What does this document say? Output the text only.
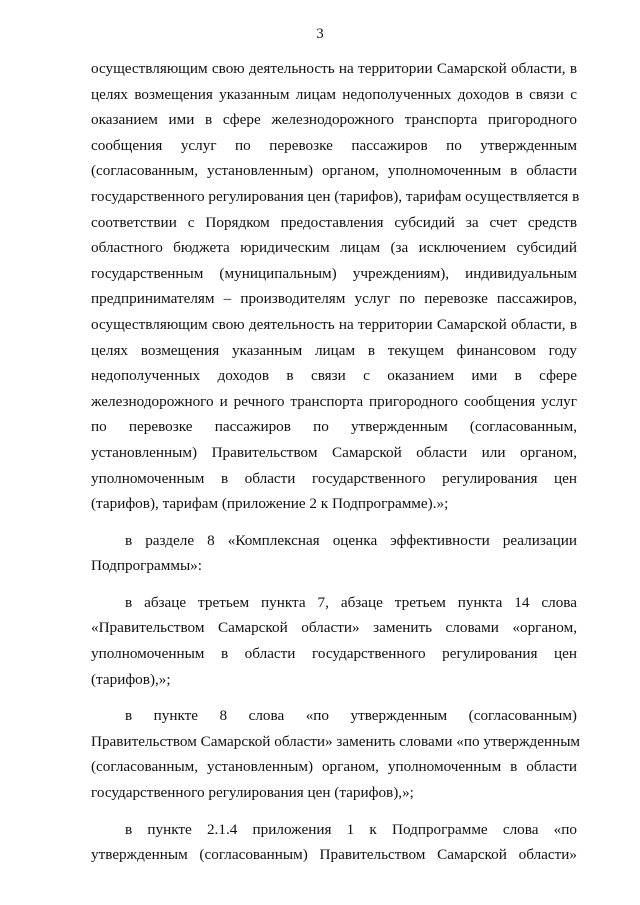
3
осуществляющим свою деятельность на территории Самарской области, в
целях возмещения указанным лицам недополученных доходов в связи с
оказанием ими в сфере железнодорожного транспорта пригородного
сообщения услуг по перевозке пассажиров по утвержденным
(согласованным, установленным) органом, уполномоченным в области
государственного регулирования цен (тарифов), тарифам осуществляется в
соответствии с Порядком предоставления субсидий за счет средств
областного бюджета юридическим лицам (за исключением субсидий
государственным (муниципальным) учреждениям), индивидуальным
предпринимателям – производителям услуг по перевозке пассажиров,
осуществляющим свою деятельность на территории Самарской области, в
целях возмещения указанным лицам в текущем финансовом году
недополученных доходов в связи с оказанием ими в сфере
железнодорожного и речного транспорта пригородного сообщения услуг
по перевозке пассажиров по утвержденным (согласованным,
установленным) Правительством Самарской области или органом,
уполномоченным в области государственного регулирования цен
(тарифов), тарифам (приложение 2 к Подпрограмме).»;
в разделе 8 «Комплексная оценка эффективности реализации
Подпрограммы»:
в абзаце третьем пункта 7, абзаце третьем пункта 14 слова
«Правительством Самарской области» заменить словами «органом,
уполномоченным в области государственного регулирования цен
(тарифов),»;
в пункте 8 слова «по утвержденным (согласованным)
Правительством Самарской области» заменить словами «по утвержденным
(согласованным, установленным) органом, уполномоченным в области
государственного регулирования цен (тарифов),»;
в пункте 2.1.4 приложения 1 к Подпрограмме слова «по
утвержденным (согласованным) Правительством Самарской области»
